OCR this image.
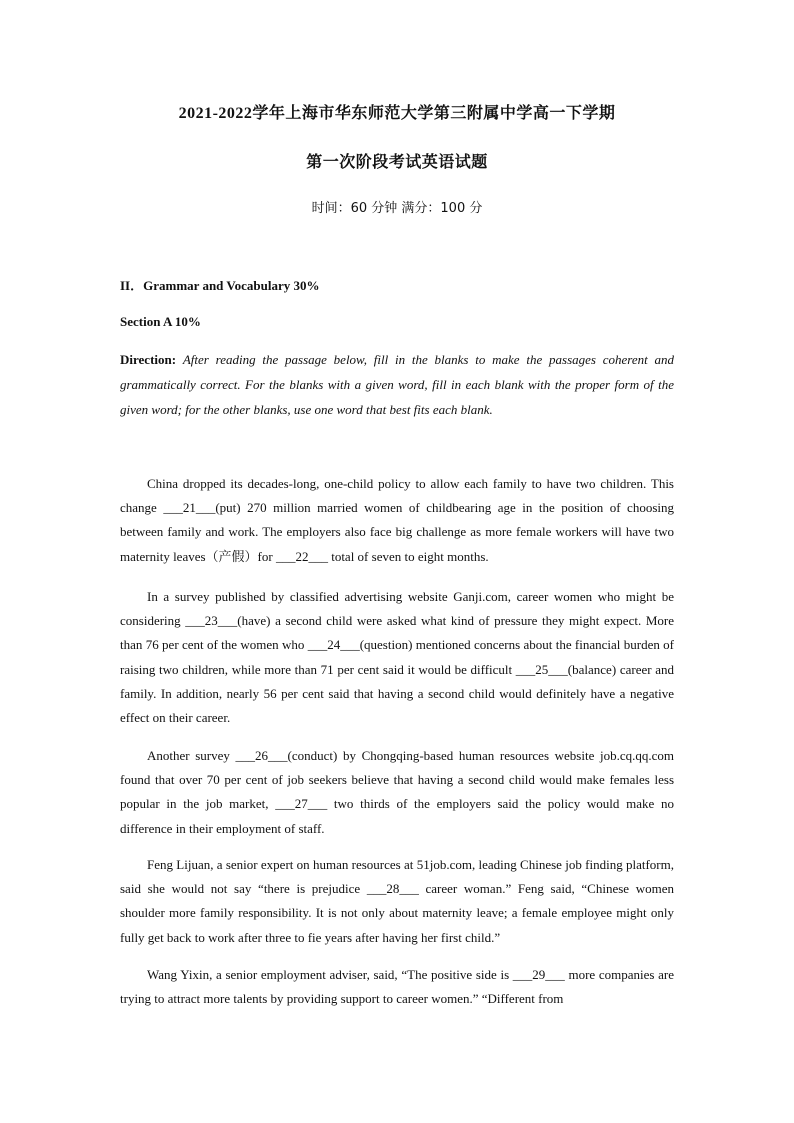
2021-2022学年上海市华东师范大学第三附属中学高一下学期
第一次阶段考试英语试题
时间：60 分钟 满分：100 分
II．Grammar and Vocabulary 30%
Section A 10%
Direction: After reading the passage below, fill in the blanks to make the passages coherent and grammatically correct. For the blanks with a given word, fill in each blank with the proper form of the given word; for the other blanks, use one word that best fits each blank.

China dropped its decades-long, one-child policy to allow each family to have two children. This change ___21___(put) 270 million married women of childbearing age in the position of choosing between family and work. The employers also face big challenge as more female workers will have two maternity leaves（产假）for ___22___ total of seven to eight months.

In a survey published by classified advertising website Ganji.com, career women who might be considering ___23___(have) a second child were asked what kind of pressure they might expect. More than 76 per cent of the women who ___24___(question) mentioned concerns about the financial burden of raising two children, while more than 71 per cent said it would be difficult ___25___(balance) career and family. In addition, nearly 56 per cent said that having a second child would definitely have a negative effect on their career.

Another survey ___26___(conduct) by Chongqing-based human resources website job.cq.qq.com found that over 70 per cent of job seekers believe that having a second child would make females less popular in the job market, ___27___ two thirds of the employers said the policy would make no difference in their employment of staff.

Feng Lijuan, a senior expert on human resources at 51job.com, leading Chinese job finding platform, said she would not say “there is prejudice ___28___ career woman.” Feng said, “Chinese women shoulder more family responsibility. It is not only about maternity leave; a female employee might only fully get back to work after three to fie years after having her first child.”

Wang Yixin, a senior employment adviser, said, “The positive side is ___29___ more companies are trying to attract more talents by providing support to career women.” “Different from
